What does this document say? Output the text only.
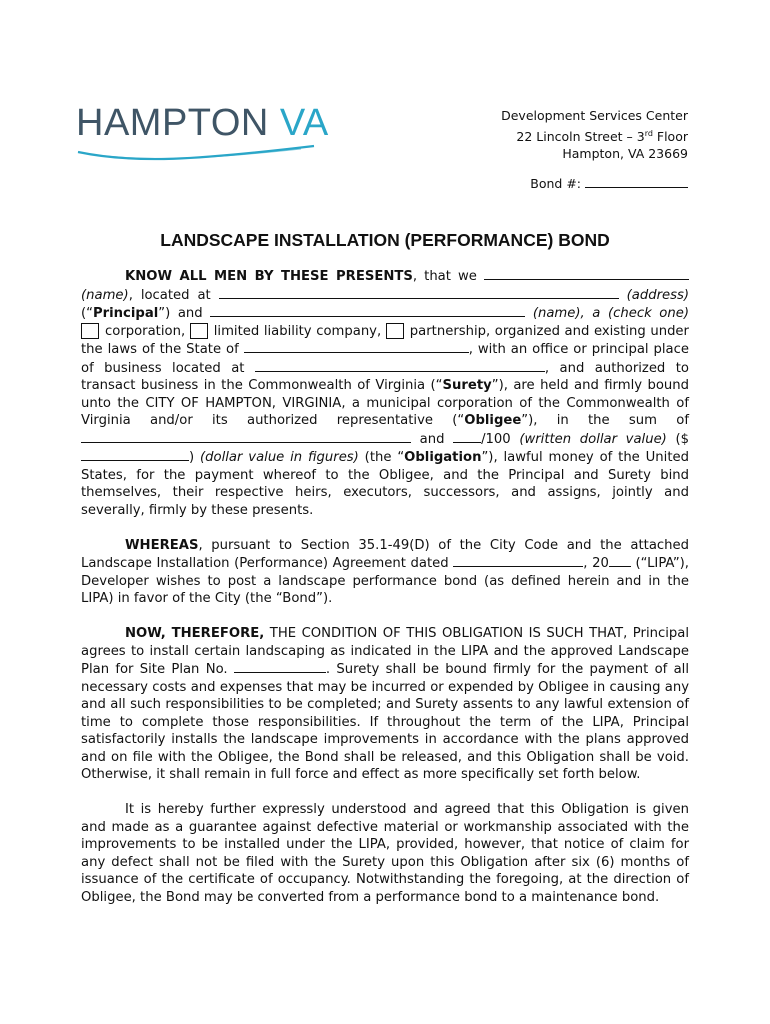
HAMPTON VA	Development Services Center
22 Lincoln Street – 3rd Floor
Hampton, VA 23669
Bond #:
LANDSCAPE INSTALLATION (PERFORMANCE) BOND

KNOW ALL MEN BY THESE PRESENTS, that we  (name), located at	(address) (“Principal”) and	(name), a (check one) corporation, limited liability company, partnership, organized and existing under the laws of the State of	, with an office or principal place of business located at	, and authorized to transact business in the Commonwealth of Virginia (“Surety”), are held and firmly bound unto the CITY OF HAMPTON, VIRGINIA, a municipal corporation of the Commonwealth of Virginia and/or its authorized representative (“Obligee”), in the sum of  and /100 (written dollar value) ($) (dollar value in figures) (the “Obligation”), lawful money of the United States, for the payment whereof to the Obligee, and the Principal and Surety bind themselves, their respective heirs, executors, successors, and assigns, jointly and severally, firmly by these presents.

WHEREAS, pursuant to Section 35.1-49(D) of the City Code and the attached Landscape Installation (Performance) Agreement dated	, 20 (“LIPA”), Developer wishes to post a landscape performance bond (as defined herein and in the LIPA) in favor of the City (the “Bond”).

NOW, THEREFORE, THE CONDITION OF THIS OBLIGATION IS SUCH THAT, Principal agrees to install certain landscaping as indicated in the LIPA and the approved Landscape Plan for Site Plan No.	. Surety shall be bound firmly for the payment of all necessary costs and expenses that may be incurred or expended by Obligee in causing any and all such responsibilities to be completed; and Surety assents to any lawful extension of time to complete those responsibilities. If throughout the term of the LIPA, Principal satisfactorily installs the landscape improvements in accordance with the plans approved and on file with the Obligee, the Bond shall be released, and this Obligation shall be void. Otherwise, it shall remain in full force and effect as more specifically set forth below.

It is hereby further expressly understood and agreed that this Obligation is given and made as a guarantee against defective material or workmanship associated with the improvements to be installed under the LIPA, provided, however, that notice of claim for any defect shall not be filed with the Surety upon this Obligation after six (6) months of issuance of the certificate of occupancy. Notwithstanding the foregoing, at the direction of Obligee, the Bond may be converted from a performance bond to a maintenance bond.
